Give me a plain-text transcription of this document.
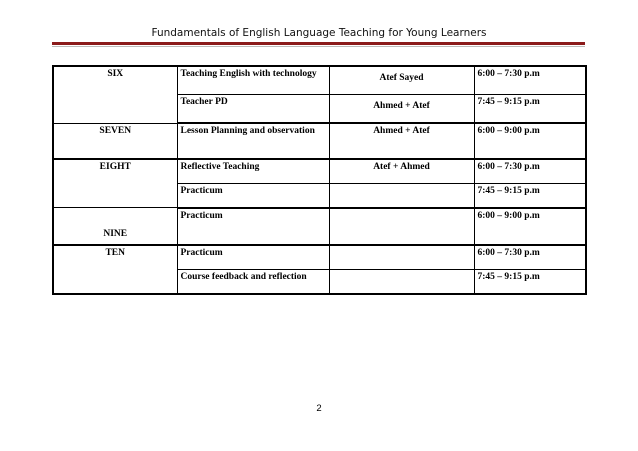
Fundamentals of English Language Teaching for Young Learners
SIX	Teaching English with technology	Atef Sayed	6:00 – 7:30 p.m
	Teacher PD	Ahmed + Atef	7:45 – 9:15 p.m
SEVEN	Lesson Planning and observation	Ahmed + Atef	6:00 – 9:00 p.m
EIGHT	Reflective Teaching	Atef + Ahmed	6:00 – 7:30 p.m
	Practicum		7:45 – 9:15 p.m
NINE	Practicum		6:00 – 9:00 p.m
TEN	Practicum		6:00 – 7:30 p.m
	Course feedback and reflection		7:45 – 9:15 p.m
2
